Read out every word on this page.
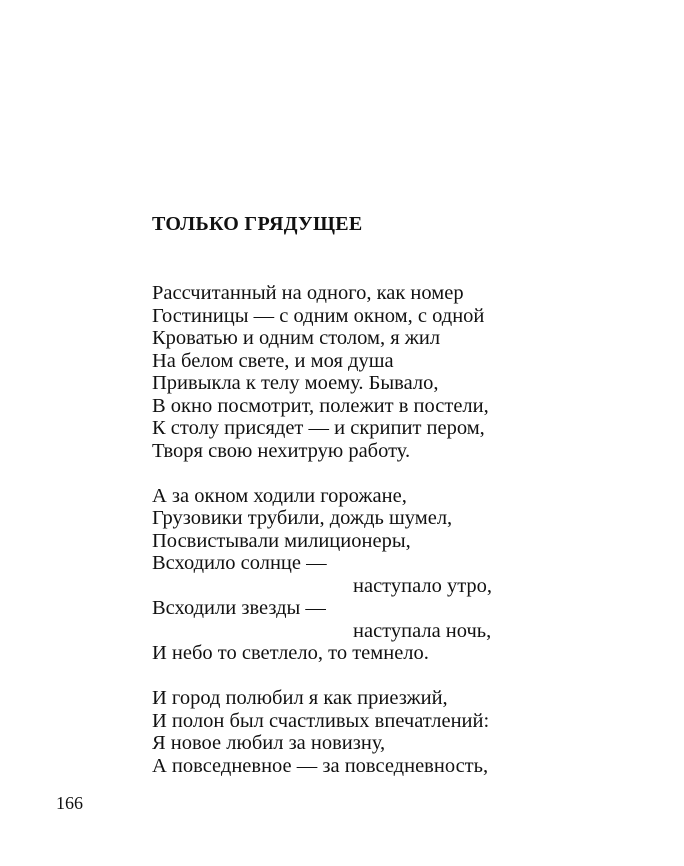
ТОЛЬКО ГРЯДУЩЕЕ
Рассчитанный на одного, как номер
Гостиницы — с одним окном, с одной
Кроватью и одним столом, я жил
На белом свете, и моя душа
Привыкла к телу моему. Бывало,
В окно посмотрит, полежит в постели,
К столу присядет — и скрипит пером,
Творя свою нехитрую работу.
А за окном ходили горожане,
Грузовики трубили, дождь шумел,
Посвистывали милиционеры,
Всходило солнце —
наступало утро,
Всходили звезды —
наступала ночь,
И небо то светлело, то темнело.
И город полюбил я как приезжий,
И полон был счастливых впечатлений:
Я новое любил за новизну,
А повседневное — за повседневность,
166
